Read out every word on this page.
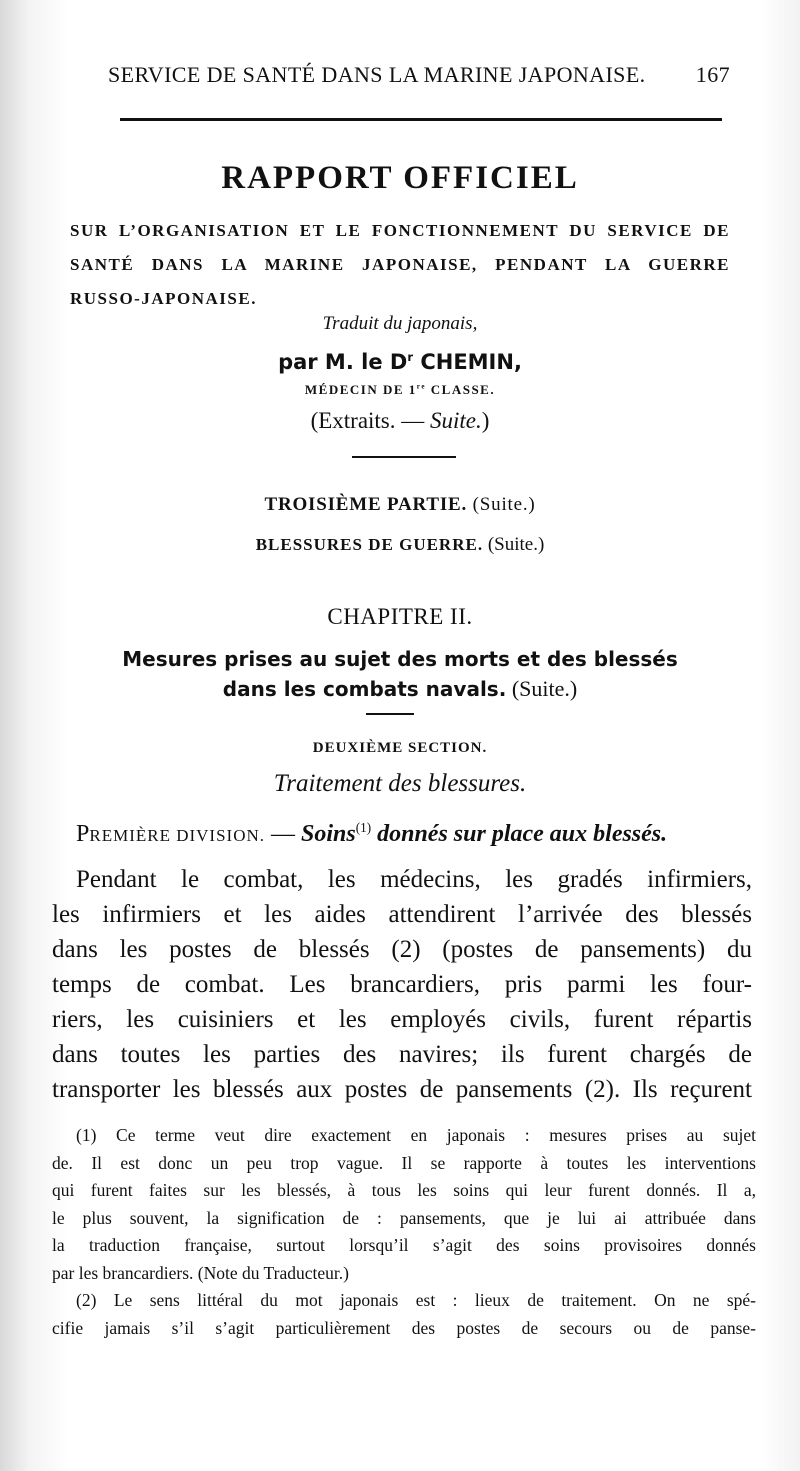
SERVICE DE SANTÉ DANS LA MARINE JAPONAISE. 167
RAPPORT OFFICIEL
SUR L’ORGANISATION ET LE FONCTIONNEMENT DU SERVICE DE
SANTÉ DANS LA MARINE JAPONAISE, PENDANT LA GUERRE
RUSSO-JAPONAISE.
Traduit du japonais,
par M. le $D^r$ CHEMIN,
MÉDECIN DE 1re CLASSE.
(Extraits. — Suite.)
TROISIÈME PARTIE. (Suite.)
BLESSURES DE GUERRE. (Suite.)
CHAPITRE II.
Mesures prises au sujet des morts et des blessés
dans les combats navals. (Suite.)
DEUXIÈME SECTION.
Traitement des blessures.
PREMIÈRE DIVISION. — Soins$^{(1)}$ donnés sur place aux blessés.
Pendant le combat, les médecins, les gradés infirmiers,
les infirmiers et les aides attendirent l’arrivée des blessés
dans les postes de blessés (2) (postes de pansements) du
temps de combat. Les brancardiers, pris parmi les four-
riers, les cuisiniers et les employés civils, furent répartis
dans toutes les parties des navires; ils furent chargés de
transporter les blessés aux postes de pansements (2). Ils reçurent
(1) Ce terme veut dire exactement en japonais : mesures prises au sujet
de. Il est donc un peu trop vague. Il se rapporte à toutes les interventions
qui furent faites sur les blessés, à tous les soins qui leur furent donnés. Il a,
le plus souvent, la signification de : pansements, que je lui ai attribuée dans
la traduction française, surtout lorsqu’il s’agit des soins provisoires donnés
par les brancardiers. (Note du Traducteur.)
(2) Le sens littéral du mot japonais est : lieux de traitement. On ne spé-
cifie jamais s’il s’agit particulièrement des postes de secours ou de panse-
